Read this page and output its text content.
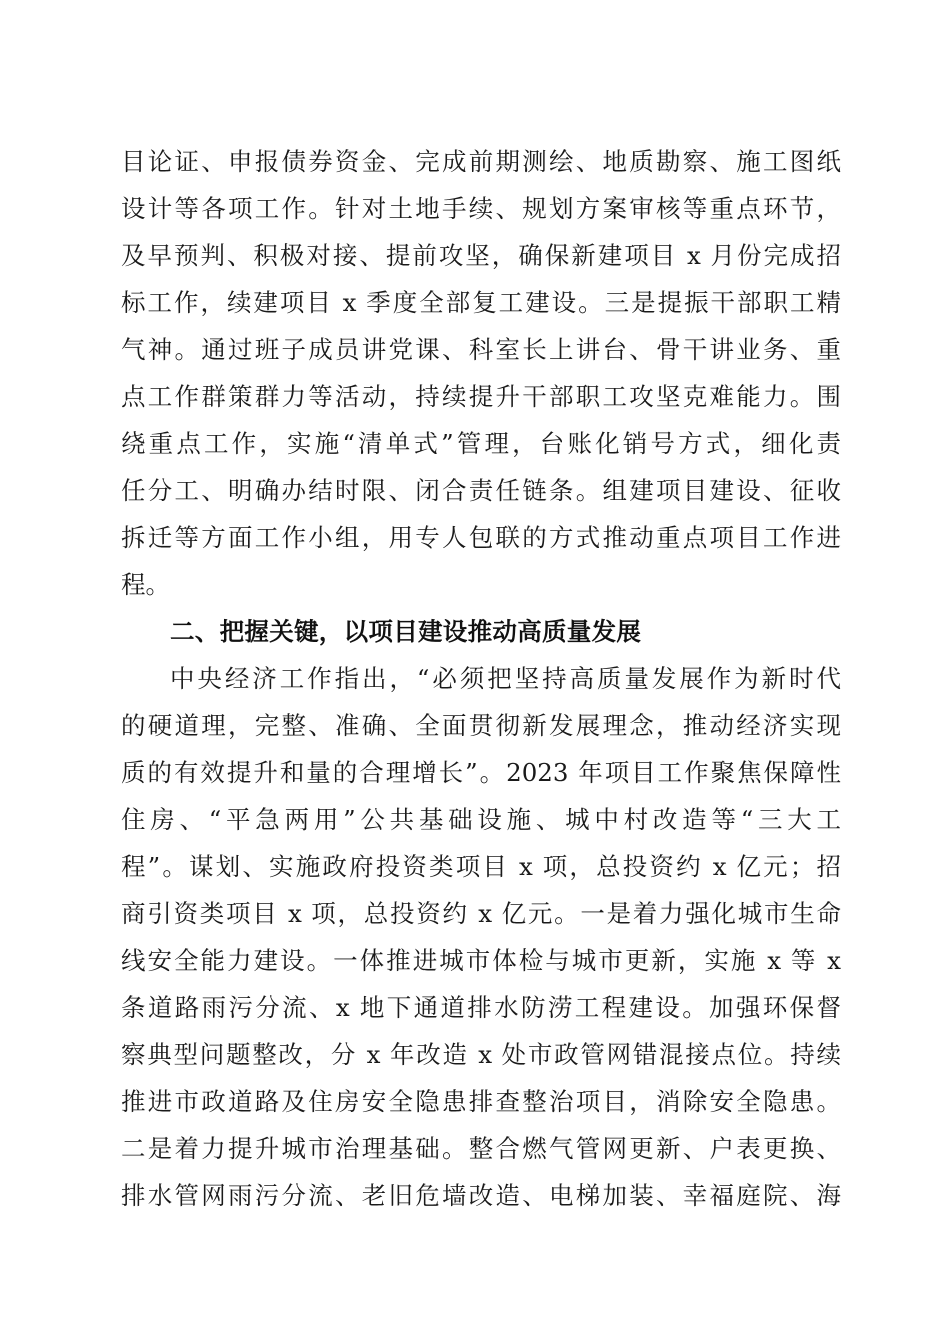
目论证、申报债券资金、完成前期测绘、地质勘察、施工图纸
设计等各项工作。针对土地手续、规划方案审核等重点环节，
及早预判、积极对接、提前攻坚，确保新建项目 x 月份完成招
标工作，续建项目 x 季度全部复工建设。三是提振干部职工精
气神。通过班子成员讲党课、科室长上讲台、骨干讲业务、重
点工作群策群力等活动，持续提升干部职工攻坚克难能力。围
绕重点工作，实施“清单式”管理，台账化销号方式，细化责
任分工、明确办结时限、闭合责任链条。组建项目建设、征收
拆迁等方面工作小组，用专人包联的方式推动重点项目工作进
程。
二、把握关键，以项目建设推动高质量发展
中央经济工作指出，“必须把坚持高质量发展作为新时代
的硬道理，完整、准确、全面贯彻新发展理念，推动经济实现
质的有效提升和量的合理增长”。2023 年项目工作聚焦保障性
住房、“平急两用”公共基础设施、城中村改造等“三大工
程”。谋划、实施政府投资类项目 x 项，总投资约 x 亿元；招
商引资类项目 x 项，总投资约 x 亿元。一是着力强化城市生命
线安全能力建设。一体推进城市体检与城市更新，实施 x 等 x
条道路雨污分流、x 地下通道排水防涝工程建设。加强环保督
察典型问题整改，分 x 年改造 x 处市政管网错混接点位。持续
推进市政道路及住房安全隐患排查整治项目，消除安全隐患。
二是着力提升城市治理基础。整合燃气管网更新、户表更换、
排水管网雨污分流、老旧危墙改造、电梯加装、幸福庭院、海
